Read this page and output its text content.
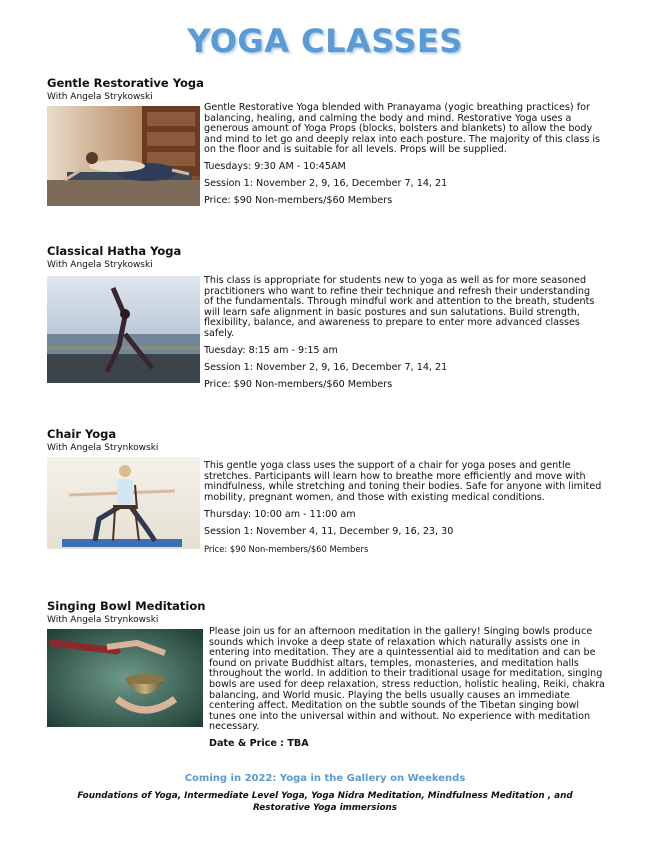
YOGA CLASSES
Gentle Restorative Yoga
With Angela Strykowski

Gentle Restorative Yoga blended with Pranayama (yogic breathing practices) for balancing, healing, and calming the body and mind. Restorative Yoga uses a generous amount of Yoga Props (blocks, bolsters and blankets) to allow the body and mind to let go and deeply relax into each posture. The majority of this class is on the floor and is suitable for all levels. Props will be supplied.

Tuesdays: 9:30 AM - 10:45AM

Session 1: November 2, 9, 16, December 7, 14, 21

Price: $90 Non-members/$60 Members

Classical Hatha Yoga
With Angela Strykowski

This class is appropriate for students new to yoga as well as for more seasoned practitioners who want to refine their technique and refresh their understanding of the fundamentals. Through mindful work and attention to the breath, students will learn safe alignment in basic postures and sun salutations. Build strength, flexibility, balance, and awareness to prepare to enter more advanced classes safely.

Tuesday: 8:15 am - 9:15 am

Session 1: November 2, 9, 16, December 7, 14, 21

Price: $90 Non-members/$60 Members

Chair Yoga
With Angela Strynkowski

This gentle yoga class uses the support of a chair for yoga poses and gentle stretches. Participants will learn how to breathe more efficiently and move with mindfulness, while stretching and toning their bodies. Safe for anyone with limited mobility, pregnant women, and those with existing medical conditions.

Thursday: 10:00 am - 11:00 am

Session 1: November 4, 11, December 9, 16, 23, 30

Price: $90 Non-members/$60 Members

Singing Bowl Meditation
With Angela Strynkowski

Please join us for an afternoon meditation in the gallery! Singing bowls produce sounds which invoke a deep state of relaxation which naturally assists one in entering into meditation. They are a quintessential aid to meditation and can be found on private Buddhist altars, temples, monasteries, and meditation halls throughout the world. In addition to their traditional usage for meditation, singing bowls are used for deep relaxation, stress reduction, holistic healing, Reiki, chakra balancing, and World music. Playing the bells usually causes an immediate centering affect. Meditation on the subtle sounds of the Tibetan singing bowl tunes one into the universal within and without. No experience with meditation necessary.

Date & Price : TBA

Coming in 2022: Yoga in the Gallery on Weekends
Foundations of Yoga, Intermediate Level Yoga, Yoga Nidra Meditation, Mindfulness Meditation , and Restorative Yoga immersions
